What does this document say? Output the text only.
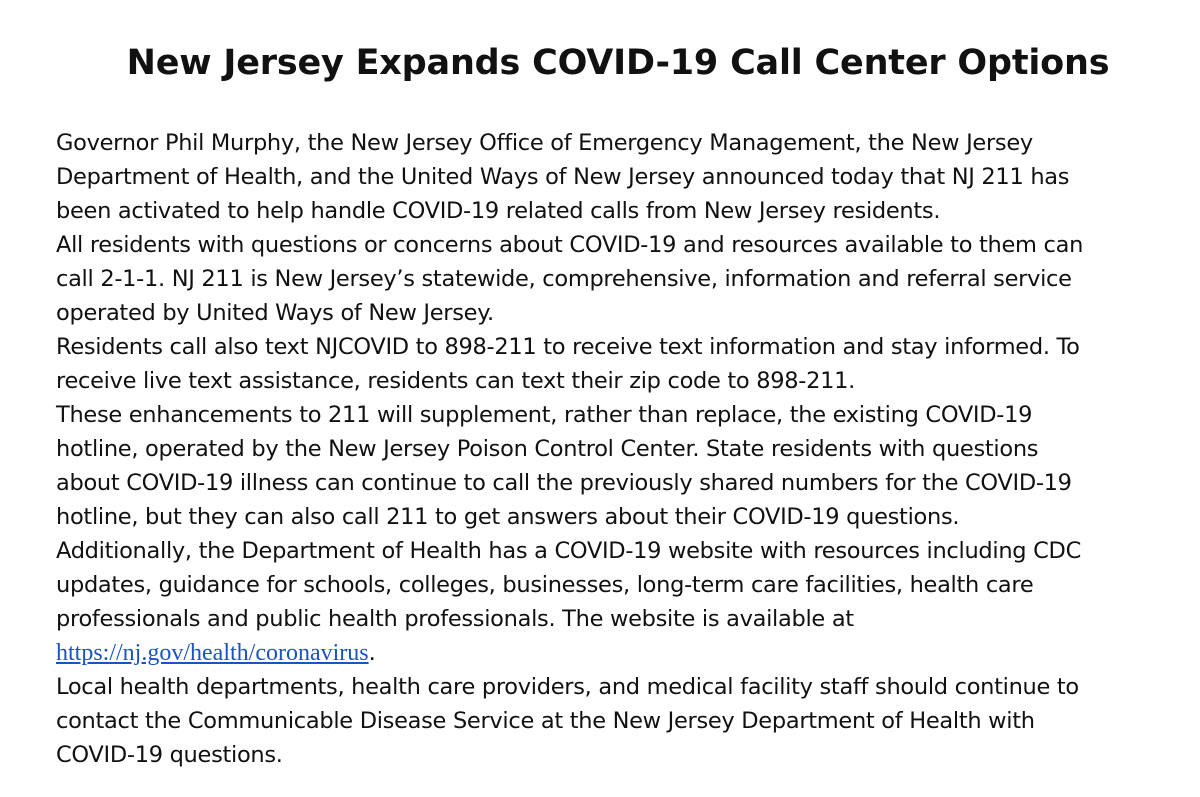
New Jersey Expands COVID-19 Call Center Options
Governor Phil Murphy, the New Jersey Office of Emergency Management, the New Jersey
Department of Health, and the United Ways of New Jersey announced today that NJ 211 has
been activated to help handle COVID-19 related calls from New Jersey residents.
All residents with questions or concerns about COVID-19 and resources available to them can
call 2-1-1. NJ 211 is New Jersey’s statewide, comprehensive, information and referral service
operated by United Ways of New Jersey.
Residents call also text NJCOVID to 898-211 to receive text information and stay informed. To
receive live text assistance, residents can text their zip code to 898-211.
These enhancements to 211 will supplement, rather than replace, the existing COVID-19
hotline, operated by the New Jersey Poison Control Center. State residents with questions
about COVID-19 illness can continue to call the previously shared numbers for the COVID-19
hotline, but they can also call 211 to get answers about their COVID-19 questions.
Additionally, the Department of Health has a COVID-19 website with resources including CDC
updates, guidance for schools, colleges, businesses, long-term care facilities, health care
professionals and public health professionals. The website is available at
https://nj.gov/health/coronavirus.
Local health departments, health care providers, and medical facility staff should continue to
contact the Communicable Disease Service at the New Jersey Department of Health with
COVID-19 questions.
